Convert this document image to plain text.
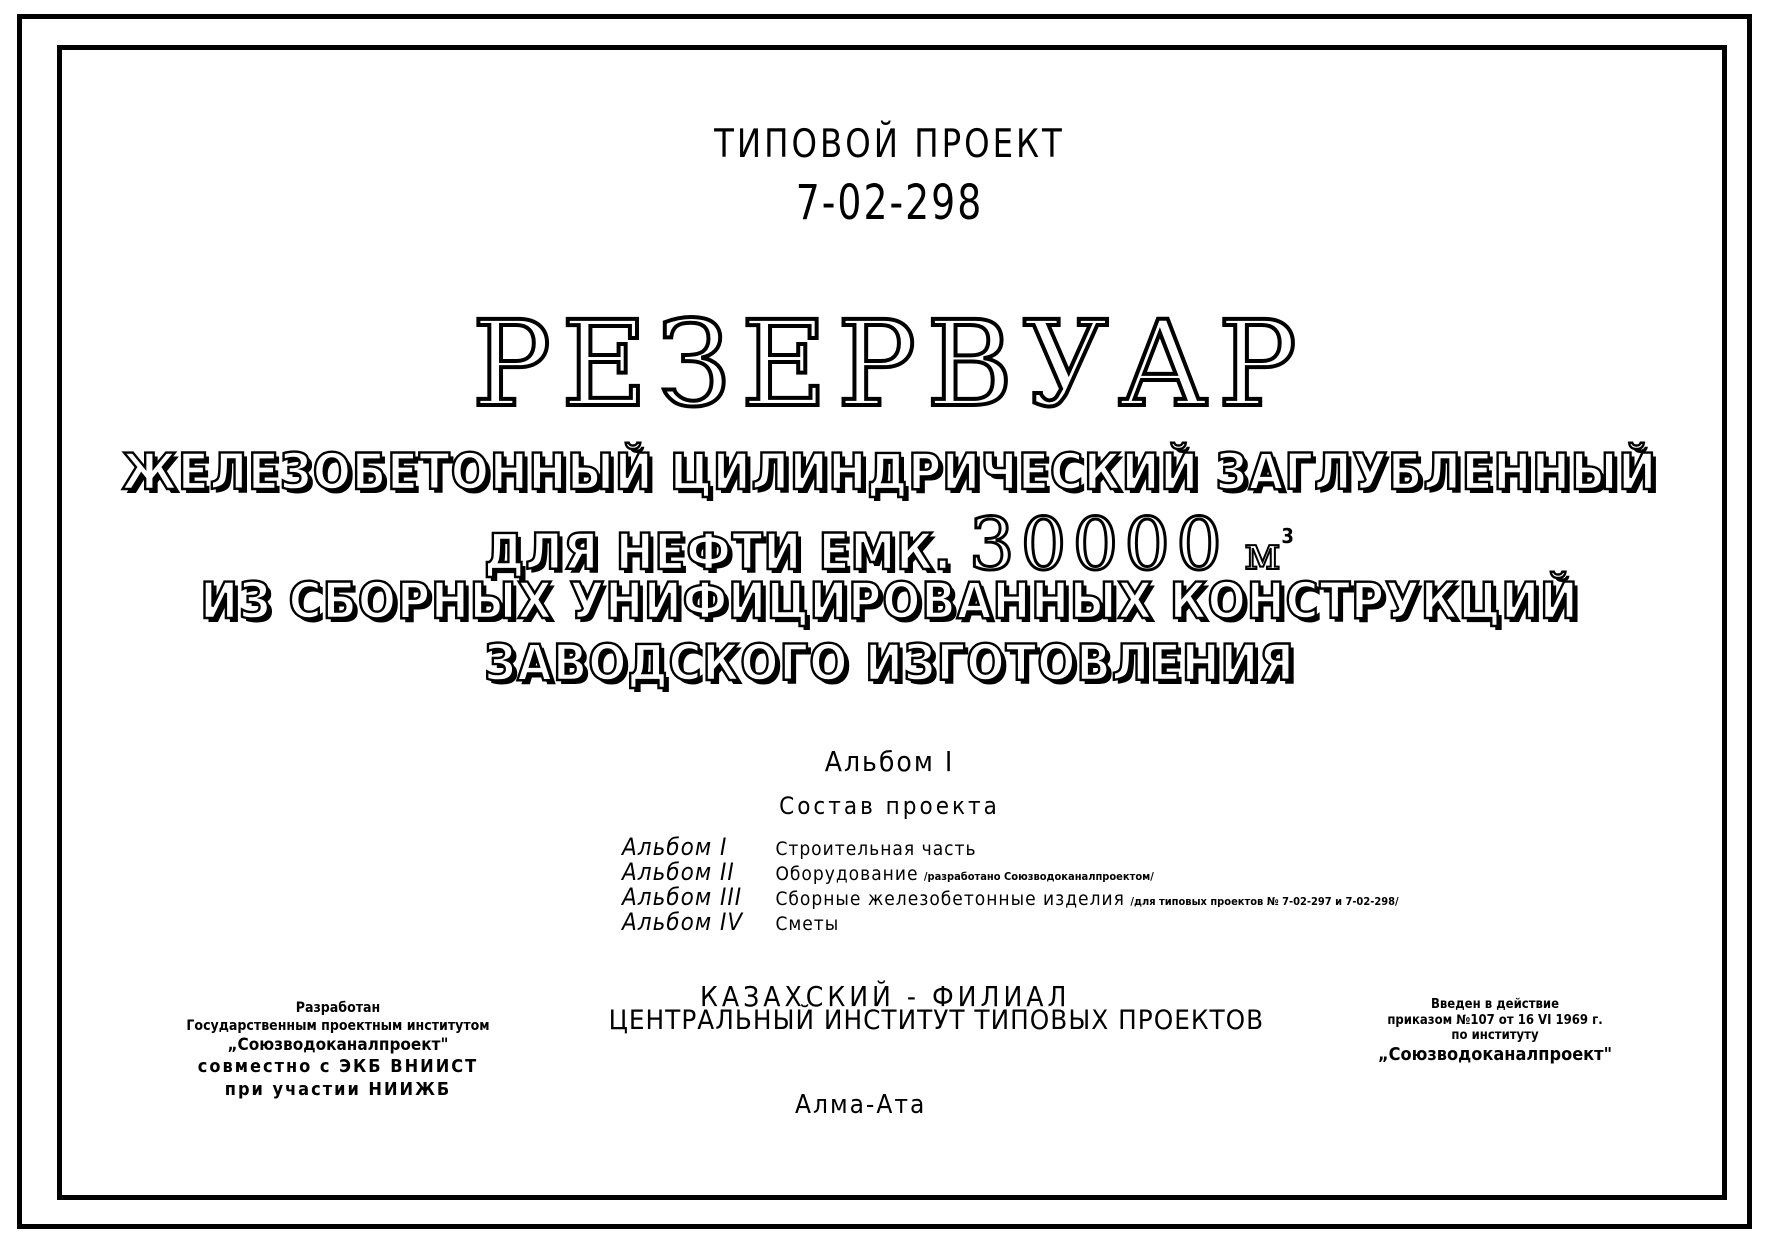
ТИПОВОЙ ПРОЕКТ
7-02-298
РЕЗЕРВУАР
ЖЕЛЕЗОБЕТОННЫЙ ЦИЛИНДРИЧЕСКИЙ ЗАГЛУБЛЕННЫЙ
ДЛЯ НЕФТИ ЕМК. 30000 $м^3$
ИЗ СБОРНЫХ УНИФИЦИРОВАННЫХ КОНСТРУКЦИЙ
ЗАВОДСКОГО ИЗГОТОВЛЕНИЯ
Альбом I
Состав проекта
Альбом I	Строительная часть
Альбом II Оборудование /разработано Союзводоканалпроектом/
Альбом III Сборные железобетонные изделия /для типовых проектов № 7-02-297 и 7-02-298/
Альбом IV Сметы
Разработан
Государственным проектным институтом
„Союзводоканалпроект"
совместно с ЭКБ ВНИИСТ
при участии НИИЖБ
КАЗАХСКИЙ - ФИЛИАЛ
ЦЕНТРАЛЬНЫЙ ИНСТИТУТ ТИПОВЫХ ПРОЕКТОВ
Алма-Ата
Введен в действие
приказом №107 от 16 VI 1969 г.
по институту
„Союзводоканалпроект"
